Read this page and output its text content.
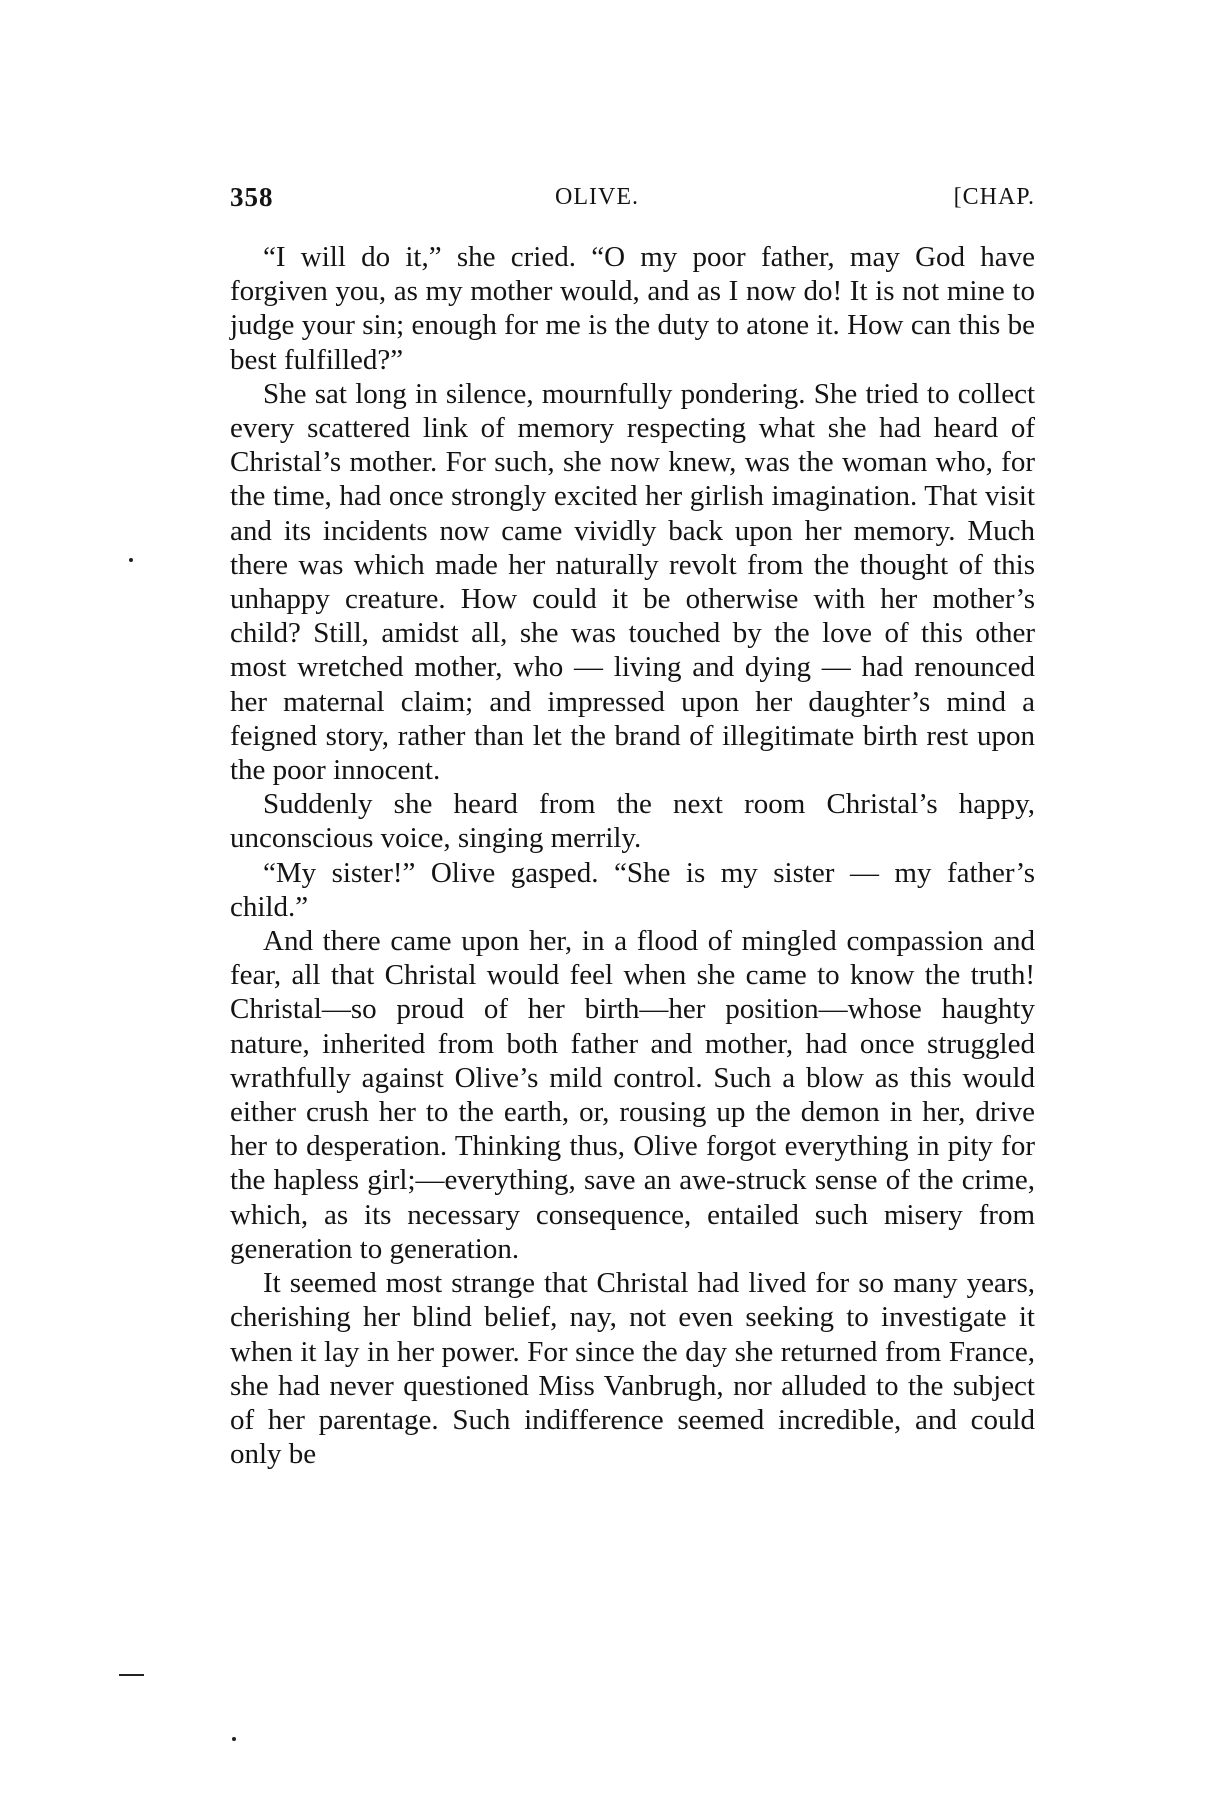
358	OLIVE.	[CHAP.

“I will do it,” she cried. “O my poor father, may God have forgiven you, as my mother would, and as I now do! It is not mine to judge your sin; enough for me is the duty to atone it. How can this be best fulfilled?”

She sat long in silence, mournfully pondering. She tried to collect every scattered link of memory respecting what she had heard of Christal’s mother. For such, she now knew, was the woman who, for the time, had once strongly excited her girlish imagination. That visit and its incidents now came vividly back upon her memory. Much there was which made her naturally revolt from the thought of this unhappy creature. How could it be otherwise with her mother’s child? Still, amidst all, she was touched by the love of this other most wretched mother, who — living and dying — had renounced her maternal claim; and impressed upon her daughter’s mind a feigned story, rather than let the brand of illegitimate birth rest upon the poor innocent.

Suddenly she heard from the next room Christal’s happy, unconscious voice, singing merrily.

“My sister!” Olive gasped. “She is my sister — my father’s child.”

And there came upon her, in a flood of mingled compassion and fear, all that Christal would feel when she came to know the truth! Christal—so proud of her birth—her position—whose haughty nature, inherited from both father and mother, had once struggled wrathfully against Olive’s mild control. Such a blow as this would either crush her to the earth, or, rousing up the demon in her, drive her to desperation. Thinking thus, Olive forgot everything in pity for the hapless girl;—everything, save an awe-struck sense of the crime, which, as its necessary consequence, entailed such misery from generation to generation.

It seemed most strange that Christal had lived for so many years, cherishing her blind belief, nay, not even seeking to investigate it when it lay in her power. For since the day she returned from France, she had never questioned Miss Vanbrugh, nor alluded to the subject of her parentage. Such indifference seemed incredible, and could only be
